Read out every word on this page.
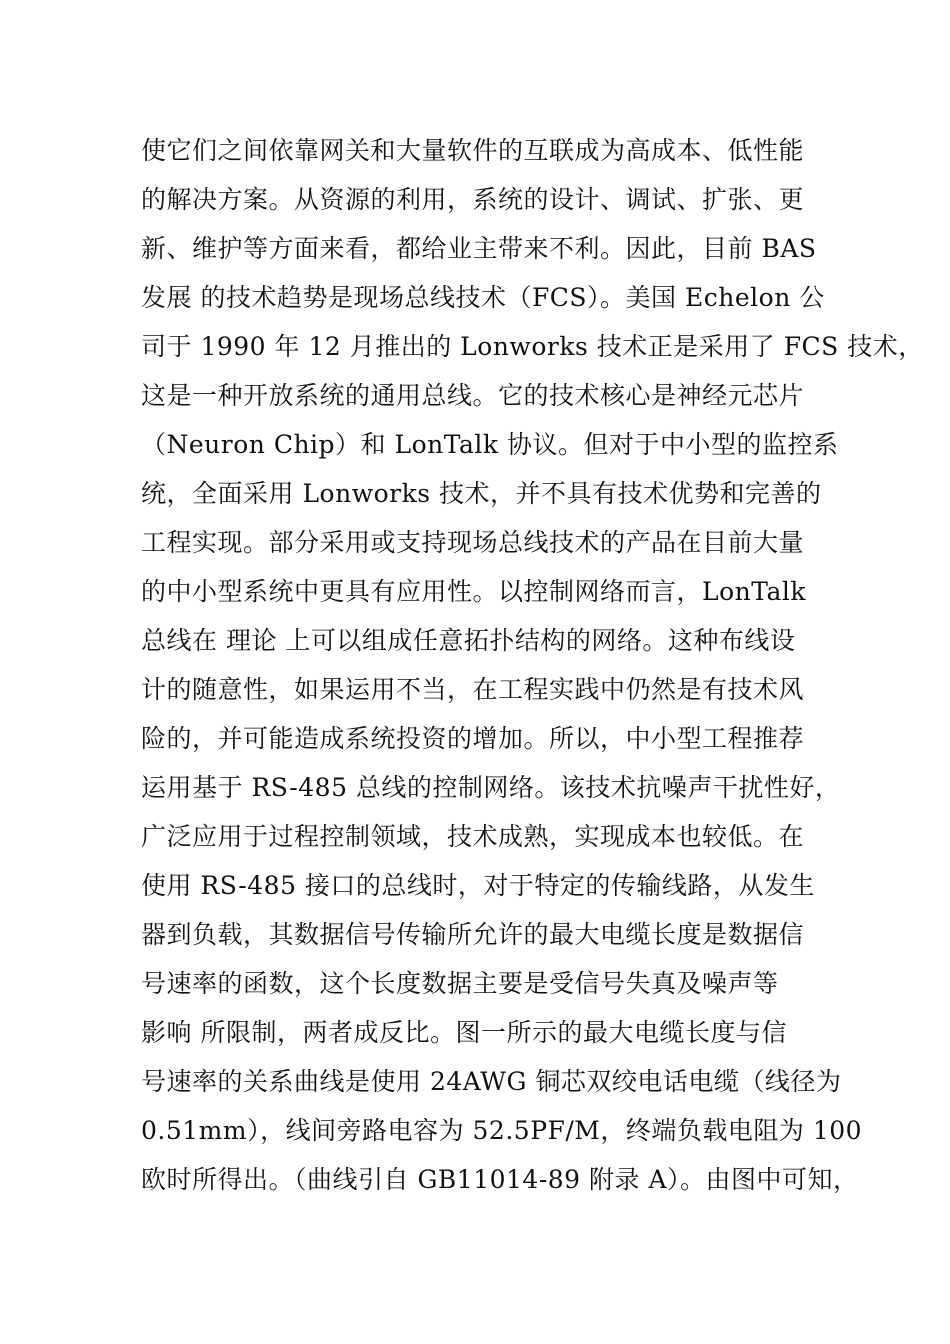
使它们之间依靠网关和大量软件的互联成为高成本、低性能
的解决方案。从资源的利用，系统的设计、调试、扩张、更
新、维护等方面来看，都给业主带来不利。因此，目前 BAS
发展 的技术趋势是现场总线技术（FCS）。美国 Echelon 公
司于 1990 年 12 月推出的 Lonworks 技术正是采用了 FCS 技术，
这是一种开放系统的通用总线。它的技术核心是神经元芯片
（Neuron Chip）和 LonTalk 协议。但对于中小型的监控系
统，全面采用 Lonworks 技术，并不具有技术优势和完善的
工程实现。部分采用或支持现场总线技术的产品在目前大量
的中小型系统中更具有应用性。以控制网络而言，LonTalk
总线在 理论 上可以组成任意拓扑结构的网络。这种布线设
计的随意性，如果运用不当，在工程实践中仍然是有技术风
险的，并可能造成系统投资的增加。所以，中小型工程推荐
运用基于 RS-485 总线的控制网络。该技术抗噪声干扰性好，
广泛应用于过程控制领域，技术成熟，实现成本也较低。在
使用 RS-485 接口的总线时，对于特定的传输线路，从发生
器到负载，其数据信号传输所允许的最大电缆长度是数据信
号速率的函数，这个长度数据主要是受信号失真及噪声等
影响 所限制，两者成反比。图一所示的最大电缆长度与信
号速率的关系曲线是使用 24AWG 铜芯双绞电话电缆（线径为
0.51mm），线间旁路电容为 52.5PF/M，终端负载电阻为 100
欧时所得出。（曲线引自 GB11014-89 附录 A）。由图中可知，
